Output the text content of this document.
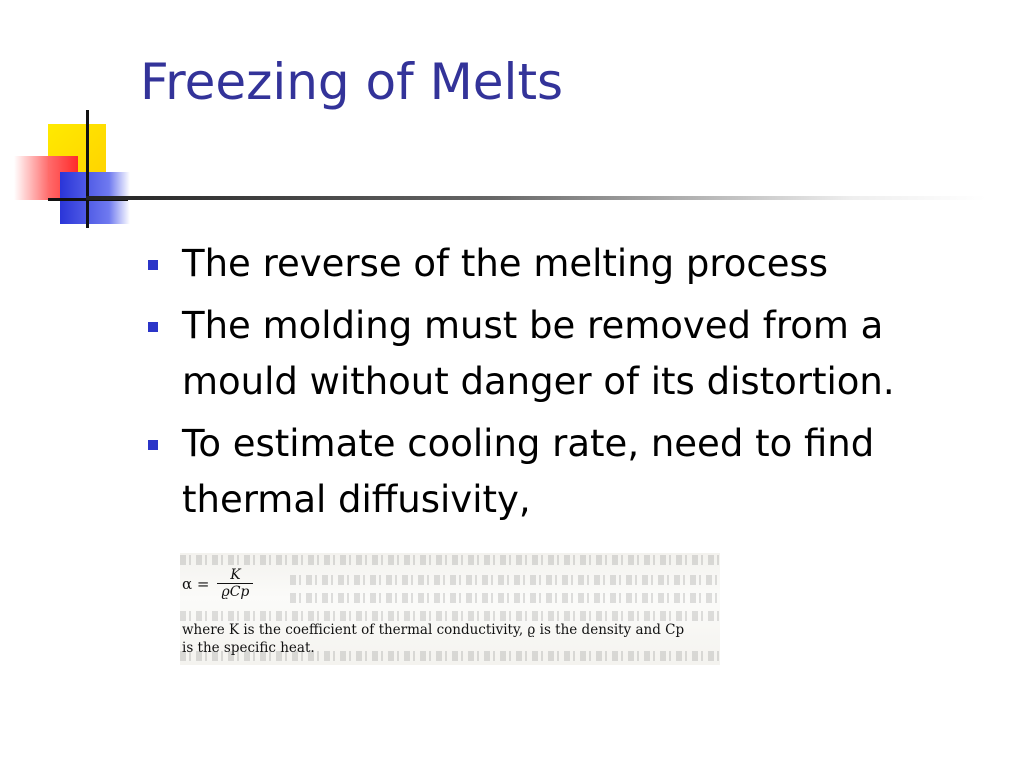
Freezing of Melts
The reverse of the melting process
The molding must be removed from a mould without danger of its distortion.
To estimate cooling rate, need to find thermal diffusivity,
$\alpha = \frac{K}{\text{ϱCp}}$
where K is the coefficient of thermal conductivity, ϱ is the density and Cp
is the specific heat.
